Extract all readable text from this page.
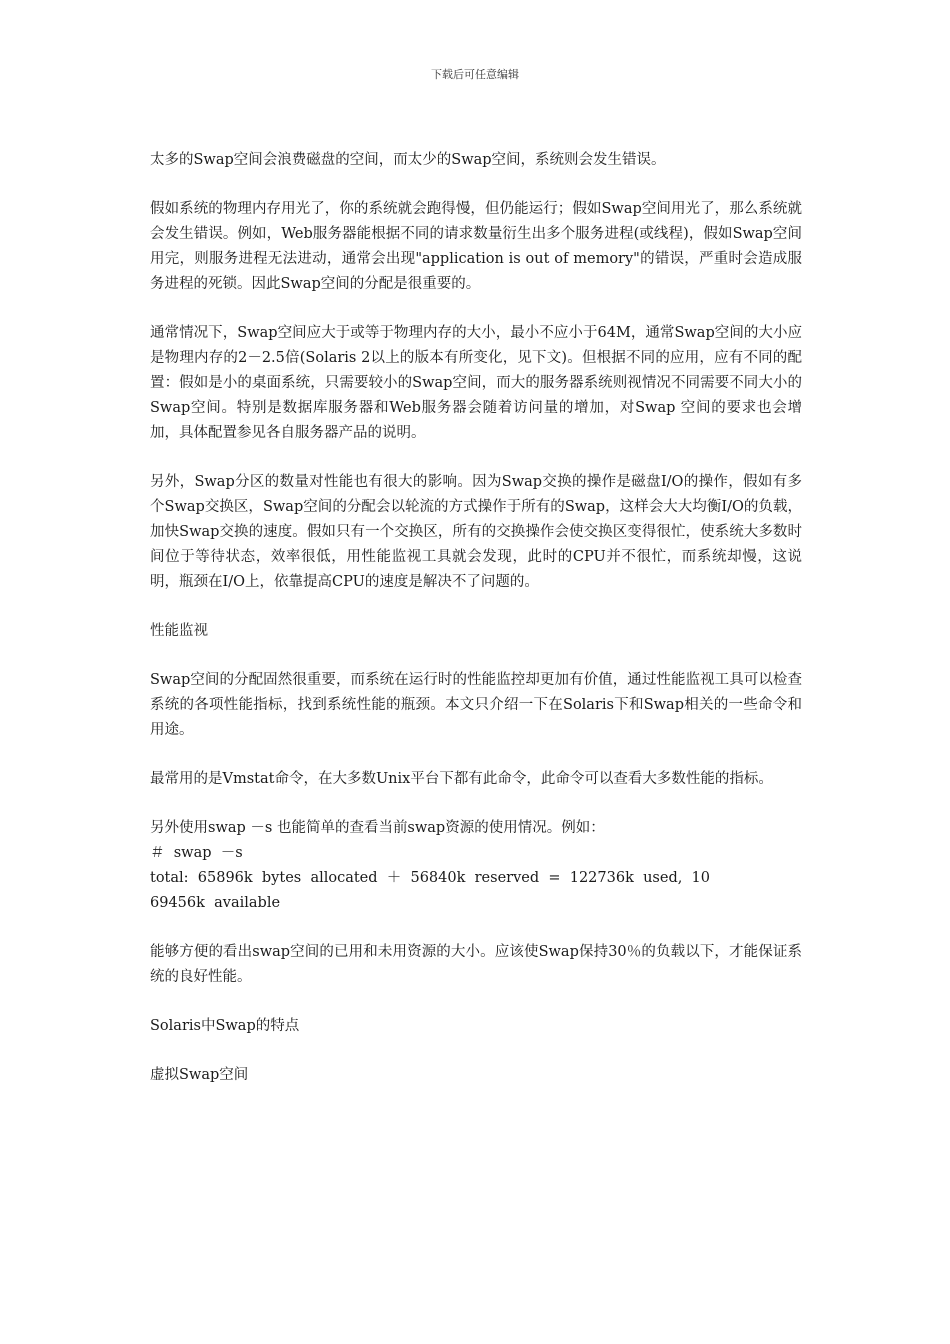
下载后可任意编辑

太多的Swap空间会浪费磁盘的空间，而太少的Swap空间，系统则会发生错误。

假如系统的物理内存用光了，你的系统就会跑得慢，但仍能运行；假如Swap空间用光了，那么系统就会发生错误。例如，Web服务器能根据不同的请求数量衍生出多个服务进程(或线程)，假如Swap空间用完，则服务进程无法进动，通常会出现"application is out of memory"的错误，严重时会造成服务进程的死锁。因此Swap空间的分配是很重要的。

通常情况下，Swap空间应大于或等于物理内存的大小，最小不应小于64M，通常Swap空间的大小应是物理内存的2－2.5倍(Solaris 2以上的版本有所变化，见下文)。但根据不同的应用，应有不同的配置：假如是小的桌面系统，只需要较小的Swap空间，而大的服务器系统则视情况不同需要不同大小的Swap空间。特别是数据库服务器和Web服务器会随着访问量的增加，对Swap 空间的要求也会增加，具体配置参见各自服务器产品的说明。

另外，Swap分区的数量对性能也有很大的影响。因为Swap交换的操作是磁盘I/O的操作，假如有多个Swap交换区，Swap空间的分配会以轮流的方式操作于所有的Swap，这样会大大均衡I/O的负载，加快Swap交换的速度。假如只有一个交换区，所有的交换操作会使交换区变得很忙，使系统大多数时间位于等待状态，效率很低，用性能监视工具就会发现，此时的CPU并不很忙，而系统却慢，这说明，瓶颈在I/O上，依靠提高CPU的速度是解决不了问题的。

性能监视

Swap空间的分配固然很重要，而系统在运行时的性能监控却更加有价值，通过性能监视工具可以检查系统的各项性能指标，找到系统性能的瓶颈。本文只介绍一下在Solaris下和Swap相关的一些命令和用途。

最常用的是Vmstat命令，在大多数Unix平台下都有此命令，此命令可以查看大多数性能的指标。

另外使用swap －s 也能简单的查看当前swap资源的使用情况。例如：

＃  swap  －s

total:  65896k  bytes  allocated  ＋  56840k  reserved  =  122736k  used,  10

69456k  available

能够方便的看出swap空间的已用和未用资源的大小。应该使Swap保持30％的负载以下，才能保证系统的良好性能。

Solaris中Swap的特点

虚拟Swap空间
